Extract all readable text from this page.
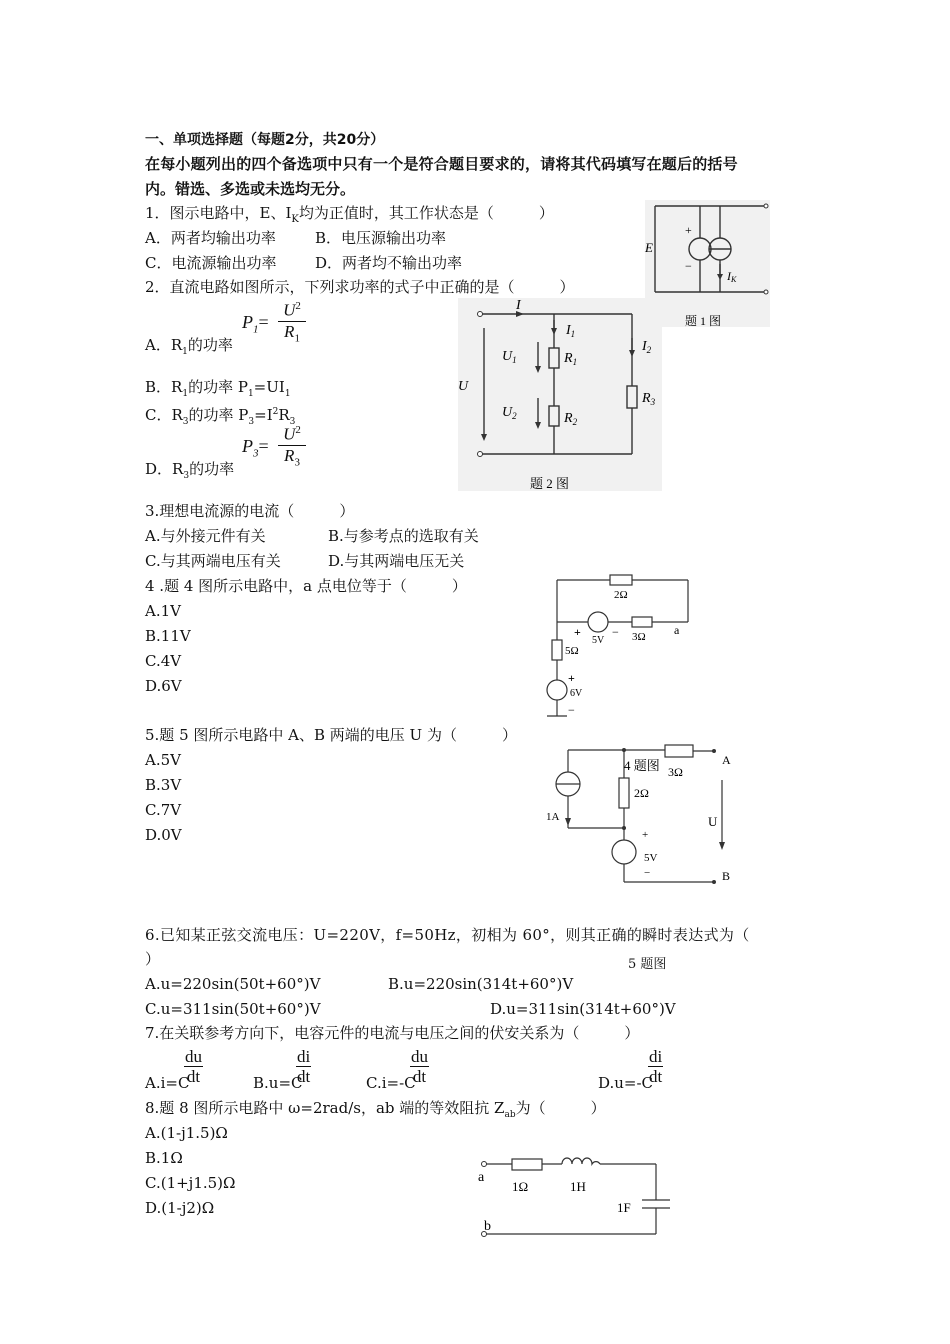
一、单项选择题（每题2分，共20分）
在每小题列出的四个备选项中只有一个是符合题目要求的，请将其代码填写在题后的括号
内。错选、多选或未选均无分。
1．图示电路中，E、$I_K$均为正值时，其工作状态是（　　　）
A．两者均输出功率	B．电压源输出功率
C．电流源输出功率	D．两者均不输出功率
E
+
−
IK
题 1 图
2．直流电路如图所示，下列求功率的式子中正确的是（　　　）
A．$R_1$的功率
$P_1= \frac{U^2}{R_1}$
B．$R_1$的功率 $P_1=UI_1$
C．$R_3$的功率 $P_3=I^2R_3$
D．$R_3$的功率
$P_3= \frac{U^2}{R_3}$
I
$I_1$
$I_2$
U
$U_1$
$U_2$
$R_1$
$R_2$
$R_3$
题 2 图
3.理想电流源的电流（　　　）
A.与外接元件有关	B.与参考点的选取有关
C.与其两端电压有关	D.与其两端电压无关
4 .题 4 图所示电路中，a 点电位等于（　　　）
A.1V
B.11V
C.4V
D.6V
2Ω
+
5V
− 3Ω a
5Ω
+
6V
−
5.题 5 图所示电路中 A、B 两端的电压 U 为（　　　）
A.5V
B.3V
C.7V
D.0V
4 题图 3Ω
A
1A
2Ω
+
5V
−
U
B
6.已知某正弦交流电压：U=220V，f=50Hz，初相为 60°，则其正确的瞬时表达式为（
）	5 题图
A.u=220sin(50t+60°)V	B.u=220sin(314t+60°)V
C.u=311sin(50t+60°)V	D.u=311sin(314t+60°)V
7.在关联参考方向下，电容元件的电流与电压之间的伏安关系为（　　　）
A.i=C
du
dt	B.u=C
di
dt	C.i=-C
du
dt	D.u=-C
di
dt
8.题 8 图所示电路中 ω=2rad/s，ab 端的等效阻抗 $Z_{ab}$为（　　　）
A.(1-j1.5)Ω
B.1Ω
C.(1+j1.5)Ω
D.(1-j2)Ω
a
b
1Ω	1H
1F
